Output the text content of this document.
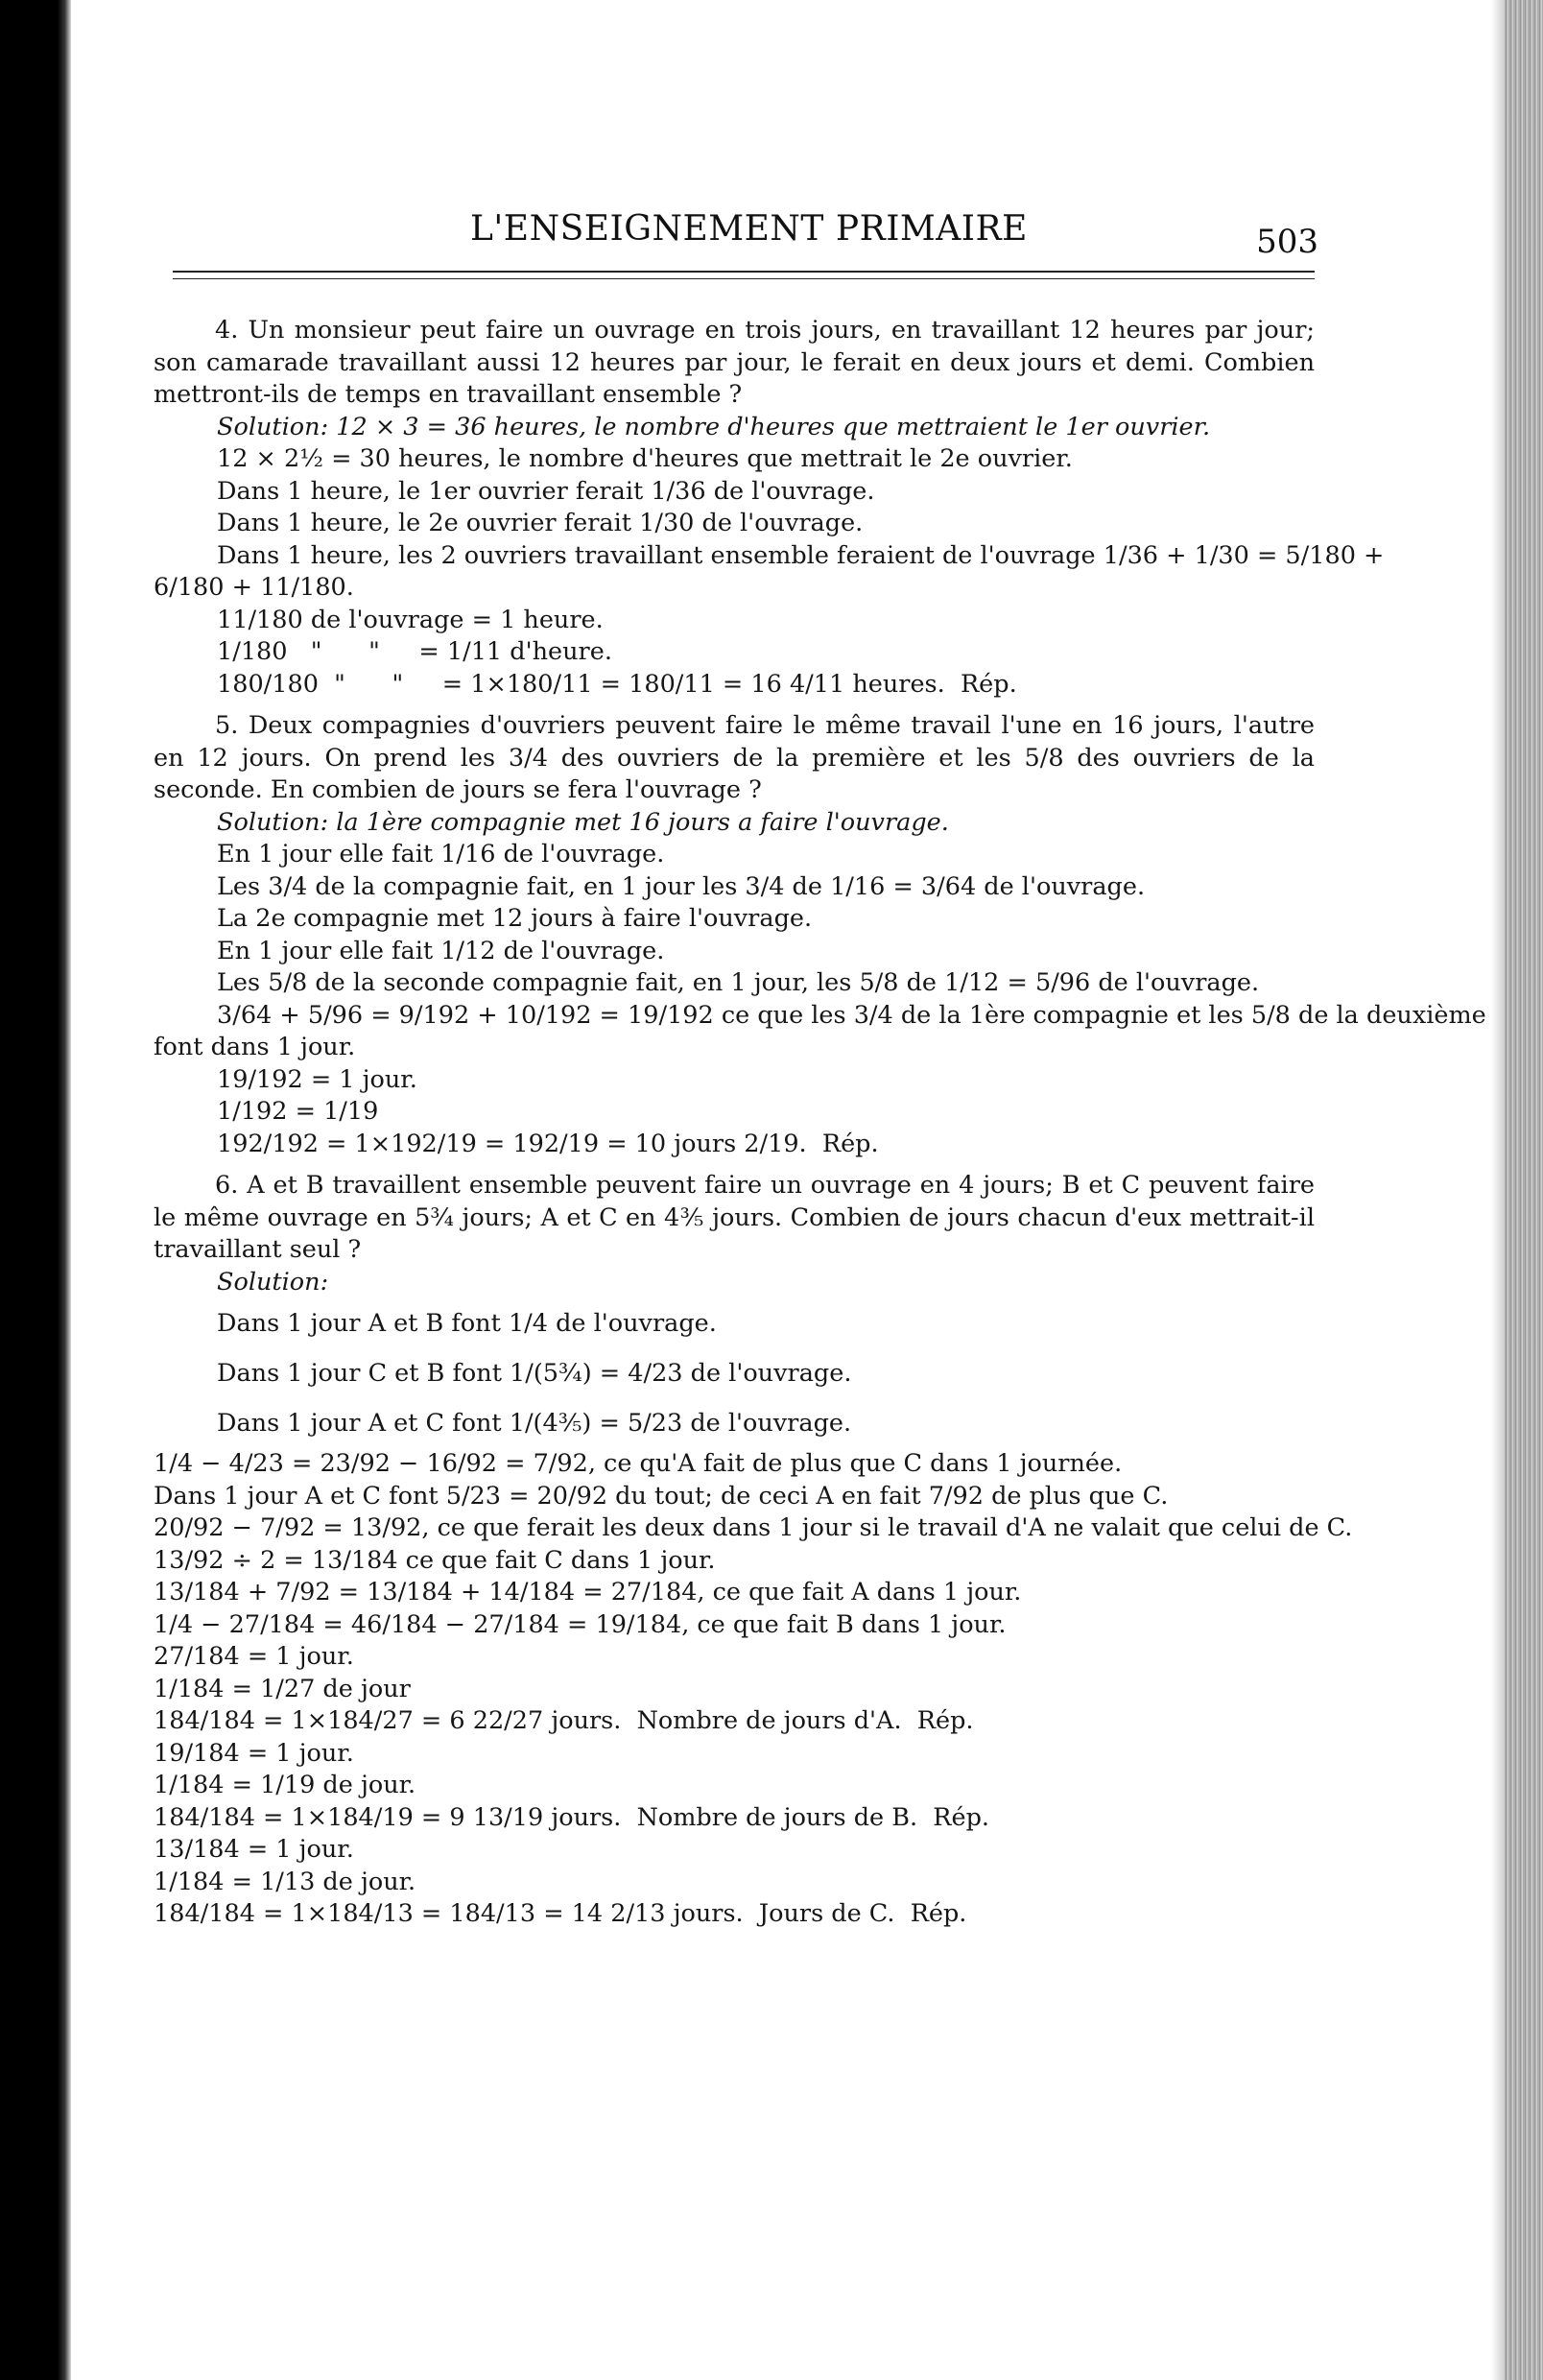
L'ENSEIGNEMENT PRIMAIRE	503
4. Un monsieur peut faire un ouvrage en trois jours, en travaillant 12 heures par jour; son camarade travaillant aussi 12 heures par jour, le ferait en deux jours et demi. Combien mettront-ils de temps en travaillant ensemble ?
Solution: 12 × 3 = 36 heures, le nombre d'heures que mettraient le 1er ouvrier.
12 × 2½ = 30 heures, le nombre d'heures que mettrait le 2e ouvrier.
Dans 1 heure, le 1er ouvrier ferait 1/36 de l'ouvrage.
Dans 1 heure, le 2e ouvrier ferait 1/30 de l'ouvrage.
Dans 1 heure, les 2 ouvriers travaillant ensemble feraient de l'ouvrage 1/36 + 1/30 = 5/180 +
6/180 + 11/180.
11/180 de l'ouvrage = 1 heure.
1/180   "      "     = 1/11 d'heure.
180/180  "      "     = 1×180/11 = 180/11 = 16 4/11 heures.  Rép.
5. Deux compagnies d'ouvriers peuvent faire le même travail l'une en 16 jours, l'autre en 12 jours. On prend les 3/4 des ouvriers de la première et les 5/8 des ouvriers de la seconde. En combien de jours se fera l'ouvrage ?
Solution: la 1ère compagnie met 16 jours a faire l'ouvrage.
En 1 jour elle fait 1/16 de l'ouvrage.
Les 3/4 de la compagnie fait, en 1 jour les 3/4 de 1/16 = 3/64 de l'ouvrage.
La 2e compagnie met 12 jours à faire l'ouvrage.
En 1 jour elle fait 1/12 de l'ouvrage.
Les 5/8 de la seconde compagnie fait, en 1 jour, les 5/8 de 1/12 = 5/96 de l'ouvrage.
3/64 + 5/96 = 9/192 + 10/192 = 19/192 ce que les 3/4 de la 1ère compagnie et les 5/8 de la deuxième
font dans 1 jour.
19/192 = 1 jour.
1/192 = 1/19
192/192 = 1×192/19 = 192/19 = 10 jours 2/19.  Rép.
6. A et B travaillent ensemble peuvent faire un ouvrage en 4 jours; B et C peuvent faire le même ouvrage en 5¾ jours; A et C en 4⅗ jours. Combien de jours chacun d'eux mettrait-il travaillant seul ?
Solution:
Dans 1 jour A et B font 1/4 de l'ouvrage.
Dans 1 jour C et B font 1/(5¾) = 4/23 de l'ouvrage.
Dans 1 jour A et C font 1/(4⅗) = 5/23 de l'ouvrage.
1/4 − 4/23 = 23/92 − 16/92 = 7/92, ce qu'A fait de plus que C dans 1 journée.
Dans 1 jour A et C font 5/23 = 20/92 du tout; de ceci A en fait 7/92 de plus que C.
20/92 − 7/92 = 13/92, ce que ferait les deux dans 1 jour si le travail d'A ne valait que celui de C.
13/92 ÷ 2 = 13/184 ce que fait C dans 1 jour.
13/184 + 7/92 = 13/184 + 14/184 = 27/184, ce que fait A dans 1 jour.
1/4 − 27/184 = 46/184 − 27/184 = 19/184, ce que fait B dans 1 jour.
27/184 = 1 jour.
1/184 = 1/27 de jour
184/184 = 1×184/27 = 6 22/27 jours.  Nombre de jours d'A.  Rép.
19/184 = 1 jour.
1/184 = 1/19 de jour.
184/184 = 1×184/19 = 9 13/19 jours.  Nombre de jours de B.  Rép.
13/184 = 1 jour.
1/184 = 1/13 de jour.
184/184 = 1×184/13 = 184/13 = 14 2/13 jours.  Jours de C.  Rép.
